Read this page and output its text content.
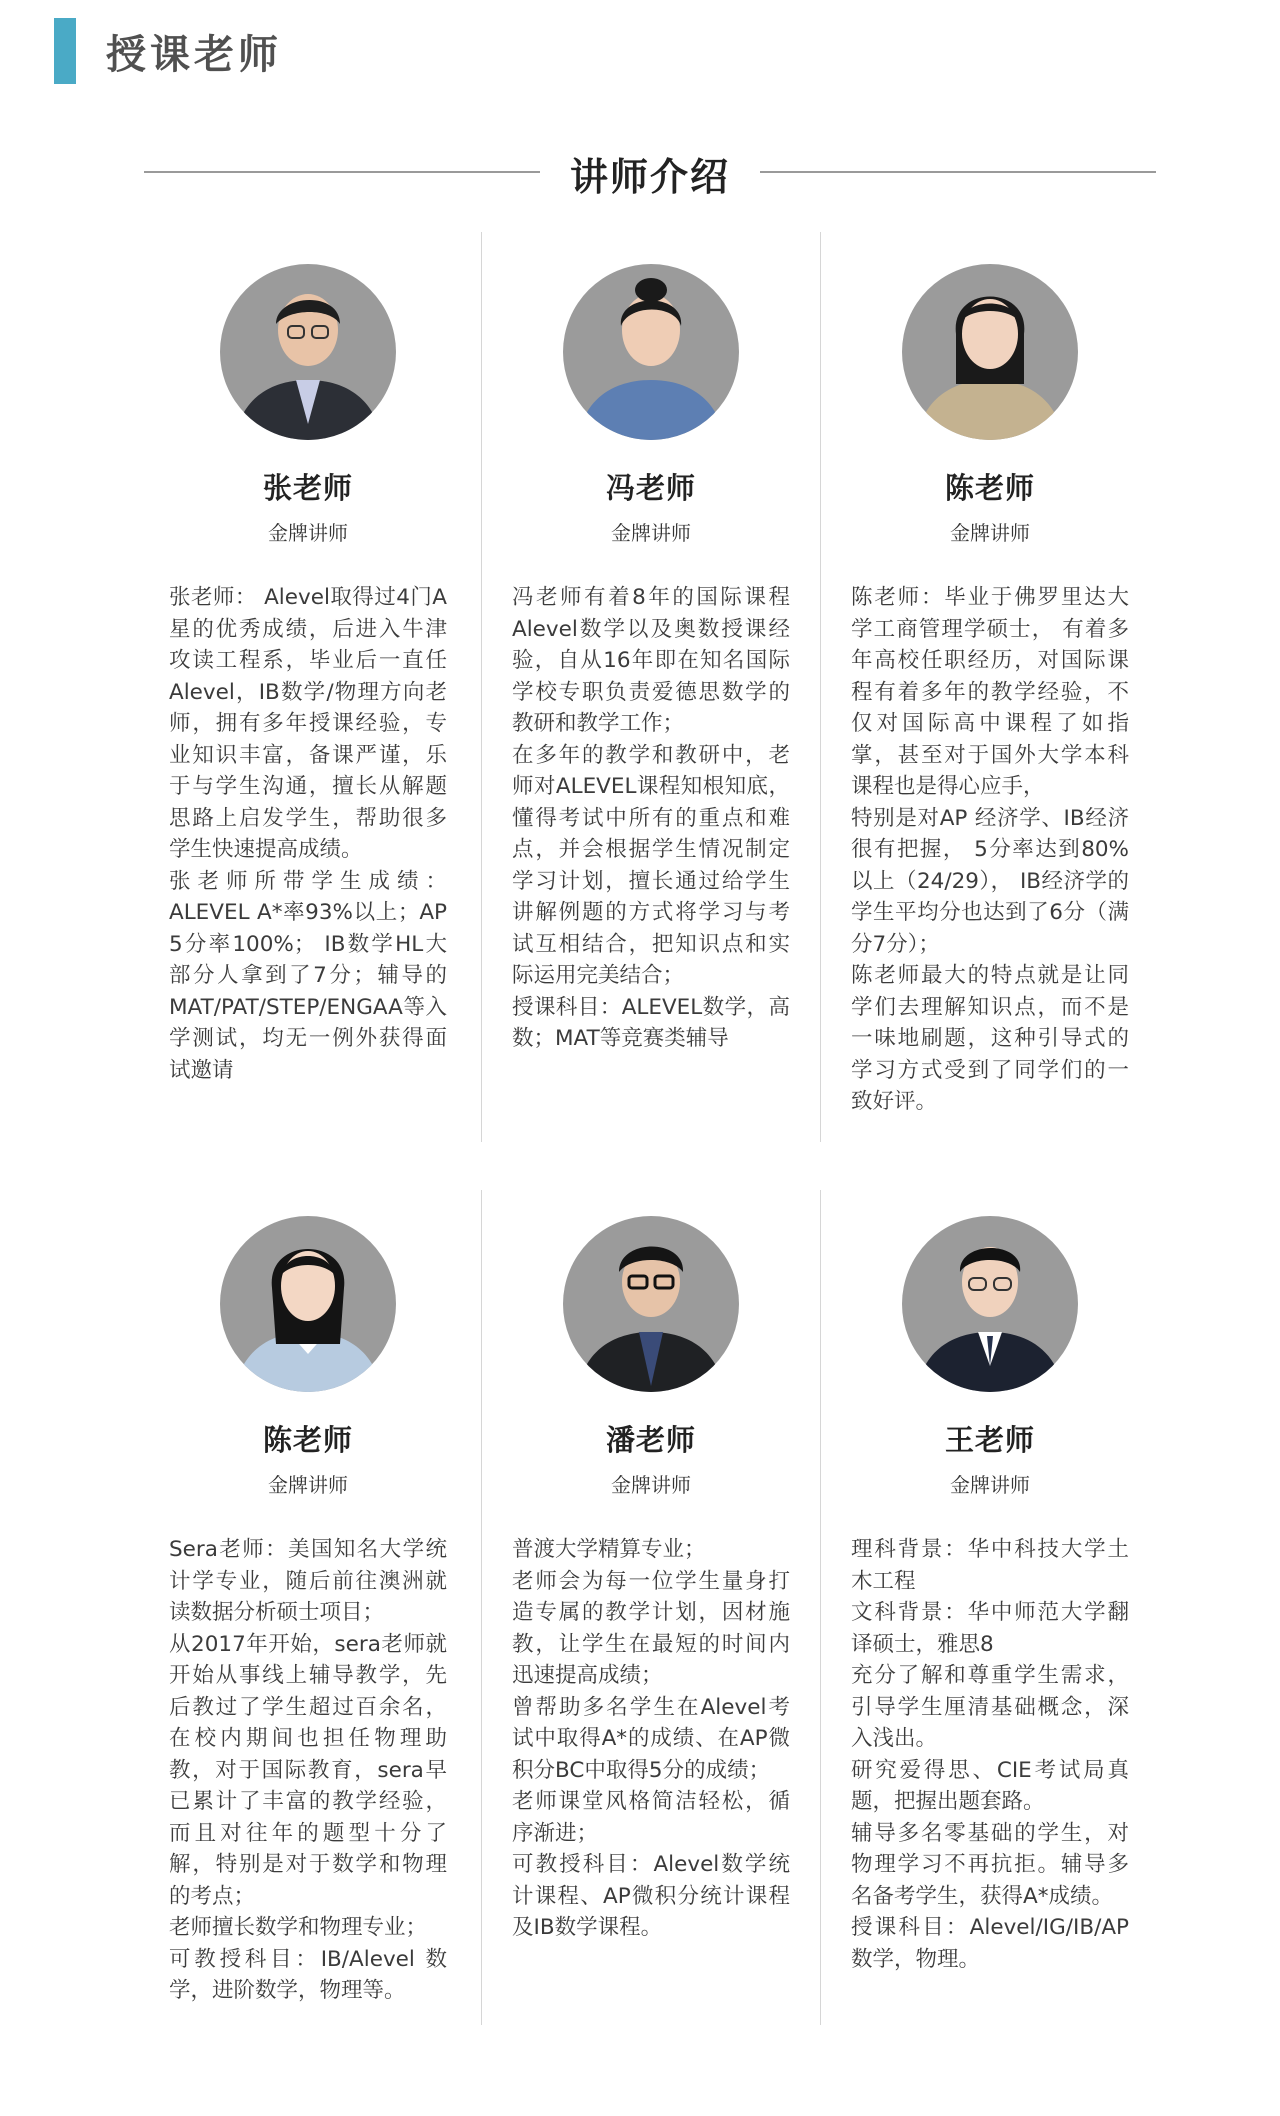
授课老师
讲师介绍
张老师
金牌讲师

张老师： Alevel取得过4门A星的优秀成绩，后进入牛津攻读工程系，毕业后一直任Alevel，IB数学/物理方向老师，拥有多年授课经验，专业知识丰富，备课严谨，乐于与学生沟通，擅长从解题思路上启发学生，帮助很多学生快速提高成绩。

张老师所带学生成绩：ALEVEL A*率93%以上；AP 5分率100%； IB数学HL大部分人拿到了7分；辅导的MAT/PAT/STEP/ENGAA等入学测试，均无一例外获得面试邀请

冯老师
金牌讲师

冯老师有着8年的国际课程Alevel数学以及奥数授课经验，自从16年即在知名国际学校专职负责爱德思数学的教研和教学工作；

在多年的教学和教研中，老师对ALEVEL课程知根知底，懂得考试中所有的重点和难点，并会根据学生情况制定学习计划，擅长通过给学生讲解例题的方式将学习与考试互相结合，把知识点和实际运用完美结合；

授课科目：ALEVEL数学，高数；MAT等竞赛类辅导

陈老师
金牌讲师

陈老师：毕业于佛罗里达大学工商管理学硕士， 有着多年高校任职经历，对国际课程有着多年的教学经验，不仅对国际高中课程了如指掌，甚至对于国外大学本科课程也是得心应手，

特别是对AP 经济学、IB经济很有把握， 5分率达到80%以上（24/29）， IB经济学的学生平均分也达到了6分（满分7分）；

陈老师最大的特点就是让同学们去理解知识点，而不是一味地刷题，这种引导式的学习方式受到了同学们的一致好评。

陈老师
金牌讲师

Sera老师：美国知名大学统计学专业，随后前往澳洲就读数据分析硕士项目；

从2017年开始，sera老师就开始从事线上辅导教学，先后教过了学生超过百余名，在校内期间也担任物理助教，对于国际教育，sera早已累计了丰富的教学经验，而且对往年的题型十分了解，特别是对于数学和物理的考点；

老师擅长数学和物理专业；

可教授科目：IB/Alevel 数学，进阶数学，物理等。

潘老师
金牌讲师

普渡大学精算专业；

老师会为每一位学生量身打造专属的教学计划，因材施教，让学生在最短的时间内迅速提高成绩；

曾帮助多名学生在Alevel考试中取得A*的成绩、在AP微积分BC中取得5分的成绩；

老师课堂风格简洁轻松，循序渐进；

可教授科目：Alevel数学统计课程、AP微积分统计课程及IB数学课程。

王老师
金牌讲师

理科背景：华中科技大学土木工程

文科背景：华中师范大学翻译硕士，雅思8

充分了解和尊重学生需求，引导学生厘清基础概念，深入浅出。

研究爱得思、CIE考试局真题，把握出题套路。

辅导多名零基础的学生，对物理学习不再抗拒。辅导多名备考学生，获得A*成绩。

授课科目：Alevel/IG/IB/AP数学，物理。
